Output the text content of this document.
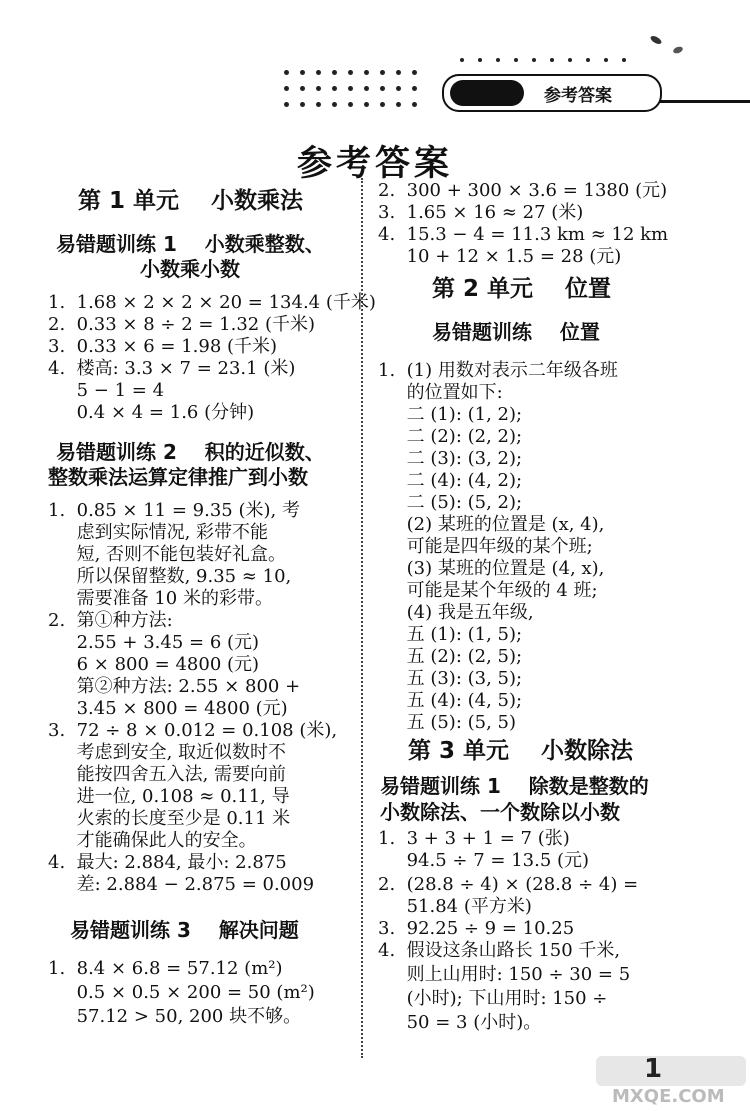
参考答案
参考答案
第 1 单元    小数乘法
易错题训练 1    小数乘整数、
小数乘小数
1.  1.68 × 2 × 2 × 20 = 134.4 (千米)
2.  0.33 × 8 ÷ 2 = 1.32 (千米)
3.  0.33 × 6 = 1.98 (千米)
4.  楼高: 3.3 × 7 = 23.1 (米)
5 − 1 = 4
0.4 × 4 = 1.6 (分钟)
易错题训练 2    积的近似数、
整数乘法运算定律推广到小数
1.  0.85 × 11 = 9.35 (米), 考
虑到实际情况, 彩带不能
短, 否则不能包装好礼盒。
所以保留整数, 9.35 ≈ 10,
需要准备 10 米的彩带。
2.  第①种方法:
2.55 + 3.45 = 6 (元)
6 × 800 = 4800 (元)
第②种方法: 2.55 × 800 +
3.45 × 800 = 4800 (元)
3.  72 ÷ 8 × 0.012 = 0.108 (米),
考虑到安全, 取近似数时不
能按四舍五入法, 需要向前
进一位, 0.108 ≈ 0.11, 导
火索的长度至少是 0.11 米
才能确保此人的安全。
4.  最大: 2.884, 最小: 2.875
差: 2.884 − 2.875 = 0.009
易错题训练 3    解决问题
1.  8.4 × 6.8 = 57.12 (m²)
0.5 × 0.5 × 200 = 50 (m²)
57.12 > 50, 200 块不够。
2.  300 + 300 × 3.6 = 1380 (元)
3.  1.65 × 16 ≈ 27 (米)
4.  15.3 − 4 = 11.3 km ≈ 12 km
10 + 12 × 1.5 = 28 (元)
第 2 单元    位置
易错题训练    位置
1.  (1) 用数对表示二年级各班
的位置如下:
二 (1): (1, 2);
二 (2): (2, 2);
二 (3): (3, 2);
二 (4): (4, 2);
二 (5): (5, 2);
(2) 某班的位置是 (x, 4),
可能是四年级的某个班;
(3) 某班的位置是 (4, x),
可能是某个年级的 4 班;
(4) 我是五年级,
五 (1): (1, 5);
五 (2): (2, 5);
五 (3): (3, 5);
五 (4): (4, 5);
五 (5): (5, 5)
第 3 单元    小数除法
易错题训练 1    除数是整数的
小数除法、一个数除以小数
1.  3 + 3 + 1 = 7 (张)
94.5 ÷ 7 = 13.5 (元)
2.  (28.8 ÷ 4) × (28.8 ÷ 4) =
51.84 (平方米)
3.  92.25 ÷ 9 = 10.25
4.  假设这条山路长 150 千米,
则上山用时: 150 ÷ 30 = 5
(小时); 下山用时: 150 ÷
50 = 3 (小时)。
1
MXQE.COM
